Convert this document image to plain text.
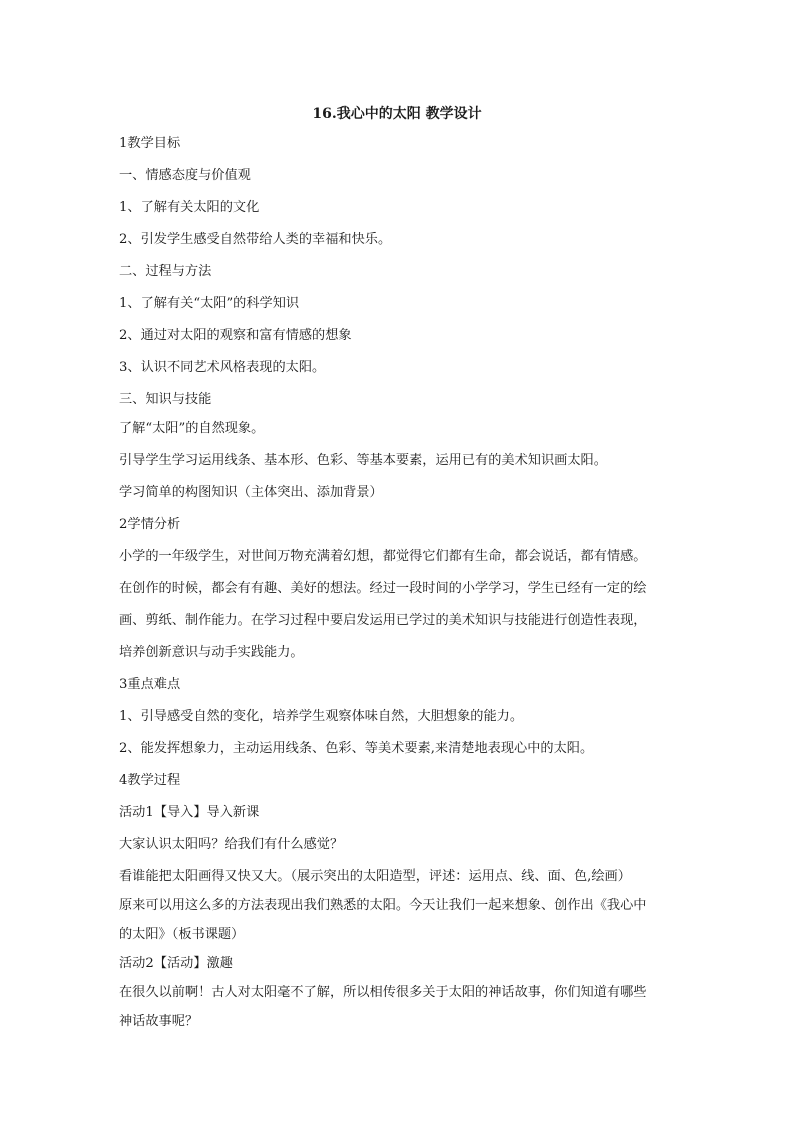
16.我心中的太阳 教学设计

1教学目标

一、情感态度与价值观

1、了解有关太阳的文化

2、引发学生感受自然带给人类的幸福和快乐。

二、过程与方法

1、了解有关“太阳”的科学知识

2、通过对太阳的观察和富有情感的想象

3、认识不同艺术风格表现的太阳。

三、知识与技能

了解“太阳”的自然现象。

引导学生学习运用线条、基本形、色彩、等基本要素，运用已有的美术知识画太阳。

学习简单的构图知识（主体突出、添加背景）

2学情分析

小学的一年级学生，对世间万物充满着幻想，都觉得它们都有生命，都会说话，都有情感。

在创作的时候，都会有有趣、美好的想法。经过一段时间的小学学习，学生已经有一定的绘

画、剪纸、制作能力。在学习过程中要启发运用已学过的美术知识与技能进行创造性表现，

培养创新意识与动手实践能力。

3重点难点

1、引导感受自然的变化，培养学生观察体味自然，大胆想象的能力。

2、能发挥想象力，主动运用线条、色彩、等美术要素,来清楚地表现心中的太阳。

4教学过程

活动1【导入】导入新课

大家认识太阳吗？给我们有什么感觉？

看谁能把太阳画得又快又大。（展示突出的太阳造型，评述：运用点、线、面、色,绘画）

原来可以用这么多的方法表现出我们熟悉的太阳。今天让我们一起来想象、创作出《我心中

的太阳》（板书课题）

活动2【活动】激趣

在很久以前啊！古人对太阳毫不了解，所以相传很多关于太阳的神话故事，你们知道有哪些

神话故事呢？
